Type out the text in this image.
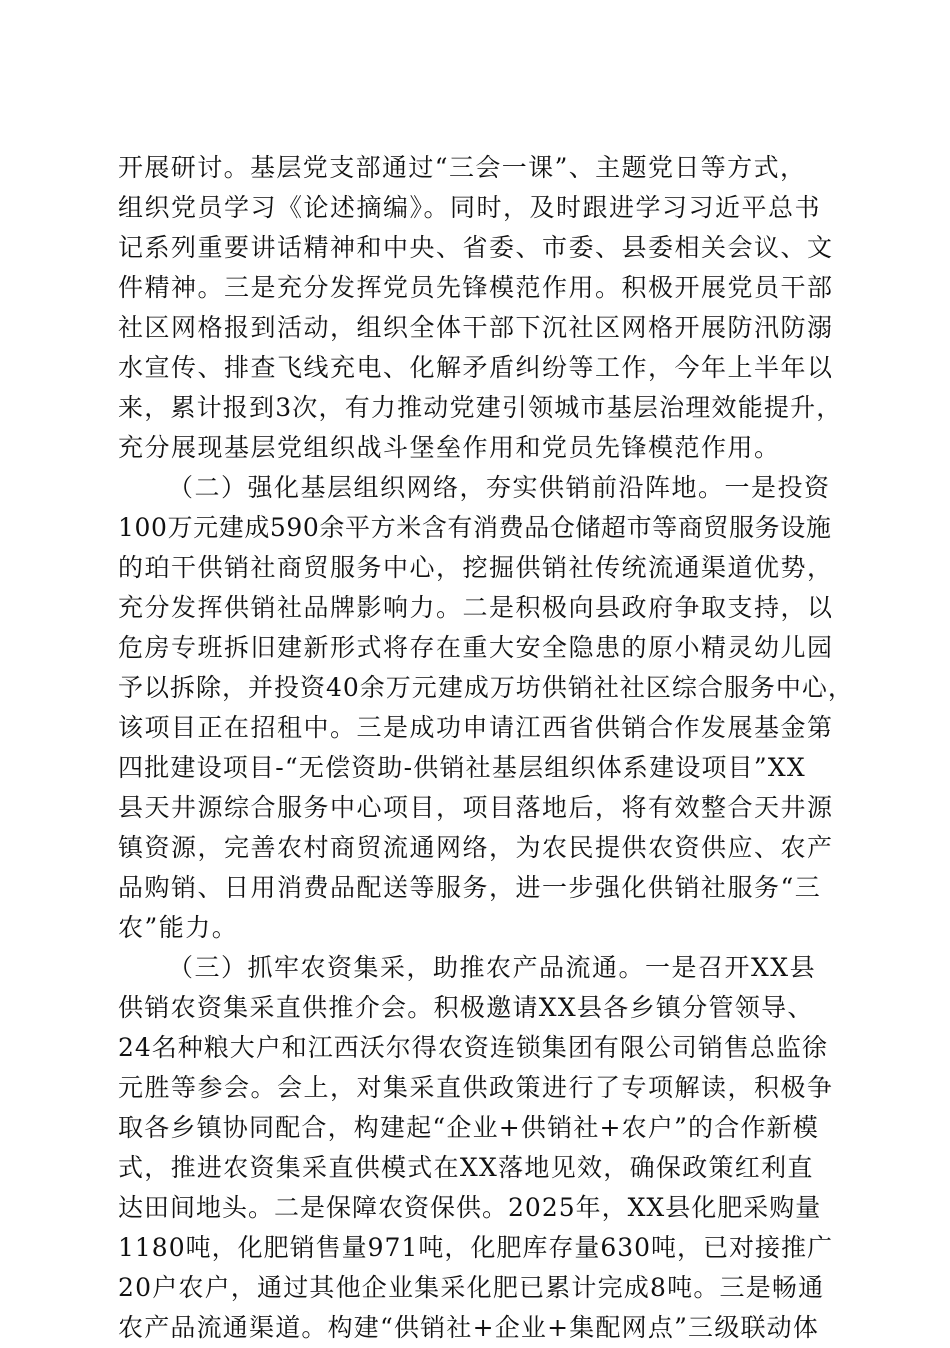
开展研讨。基层党支部通过“三会一课”、主题党日等方式，
组织党员学习《论述摘编》。同时，及时跟进学习习近平总书
记系列重要讲话精神和中央、省委、市委、县委相关会议、文
件精神。三是充分发挥党员先锋模范作用。积极开展党员干部
社区网格报到活动，组织全体干部下沉社区网格开展防汛防溺
水宣传、排查飞线充电、化解矛盾纠纷等工作，今年上半年以
来，累计报到3次，有力推动党建引领城市基层治理效能提升，
充分展现基层党组织战斗堡垒作用和党员先锋模范作用。
（二）强化基层组织网络，夯实供销前沿阵地。一是投资
100万元建成590余平方米含有消费品仓储超市等商贸服务设施
的珀干供销社商贸服务中心，挖掘供销社传统流通渠道优势，
充分发挥供销社品牌影响力。二是积极向县政府争取支持，以
危房专班拆旧建新形式将存在重大安全隐患的原小精灵幼儿园
予以拆除，并投资40余万元建成万坊供销社社区综合服务中心，
该项目正在招租中。三是成功申请江西省供销合作发展基金第
四批建设项目-“无偿资助-供销社基层组织体系建设项目”XX
县天井源综合服务中心项目，项目落地后，将有效整合天井源
镇资源，完善农村商贸流通网络，为农民提供农资供应、农产
品购销、日用消费品配送等服务，进一步强化供销社服务“三
农”能力。
（三）抓牢农资集采，助推农产品流通。一是召开XX县
供销农资集采直供推介会。积极邀请XX县各乡镇分管领导、
24名种粮大户和江西沃尔得农资连锁集团有限公司销售总监徐
元胜等参会。会上，对集采直供政策进行了专项解读，积极争
取各乡镇协同配合，构建起“企业+供销社+农户”的合作新模
式，推进农资集采直供模式在XX落地见效，确保政策红利直
达田间地头。二是保障农资保供。2025年，XX县化肥采购量
1180吨，化肥销售量971吨，化肥库存量630吨，已对接推广
20户农户，通过其他企业集采化肥已累计完成8吨。三是畅通
农产品流通渠道。构建“供销社+企业+集配网点”三级联动体
